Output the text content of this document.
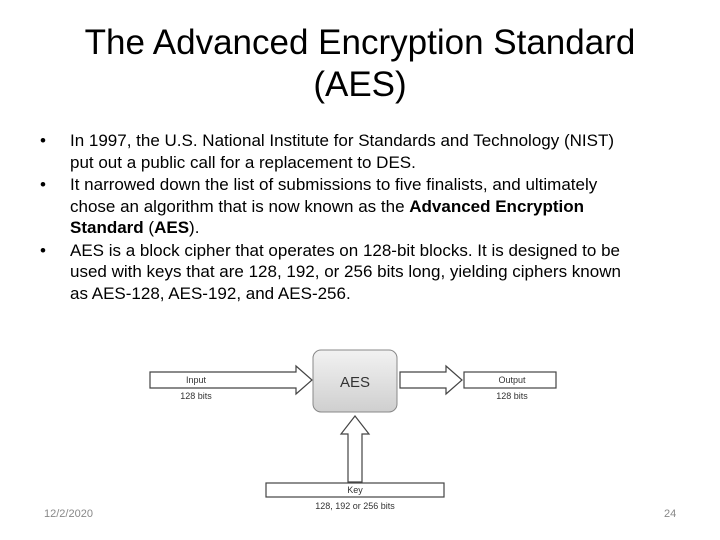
The Advanced Encryption Standard
(AES)
•	In 1997, the U.S. National Institute for Standards and Technology (NIST) put out a public call for a replacement to DES.
•	It narrowed down the list of submissions to five finalists, and ultimately chose an algorithm that is now known as the Advanced Encryption Standard (AES).
•	AES is a block cipher that operates on 128-bit blocks. It is designed to be used with keys that are 128, 192, or 256 bits long, yielding ciphers known as AES-128, AES-192, and AES-256.
Input
128 bits
AES	Output
128 bits
Key
128, 192 or 256 bits
12/2/2020	24
